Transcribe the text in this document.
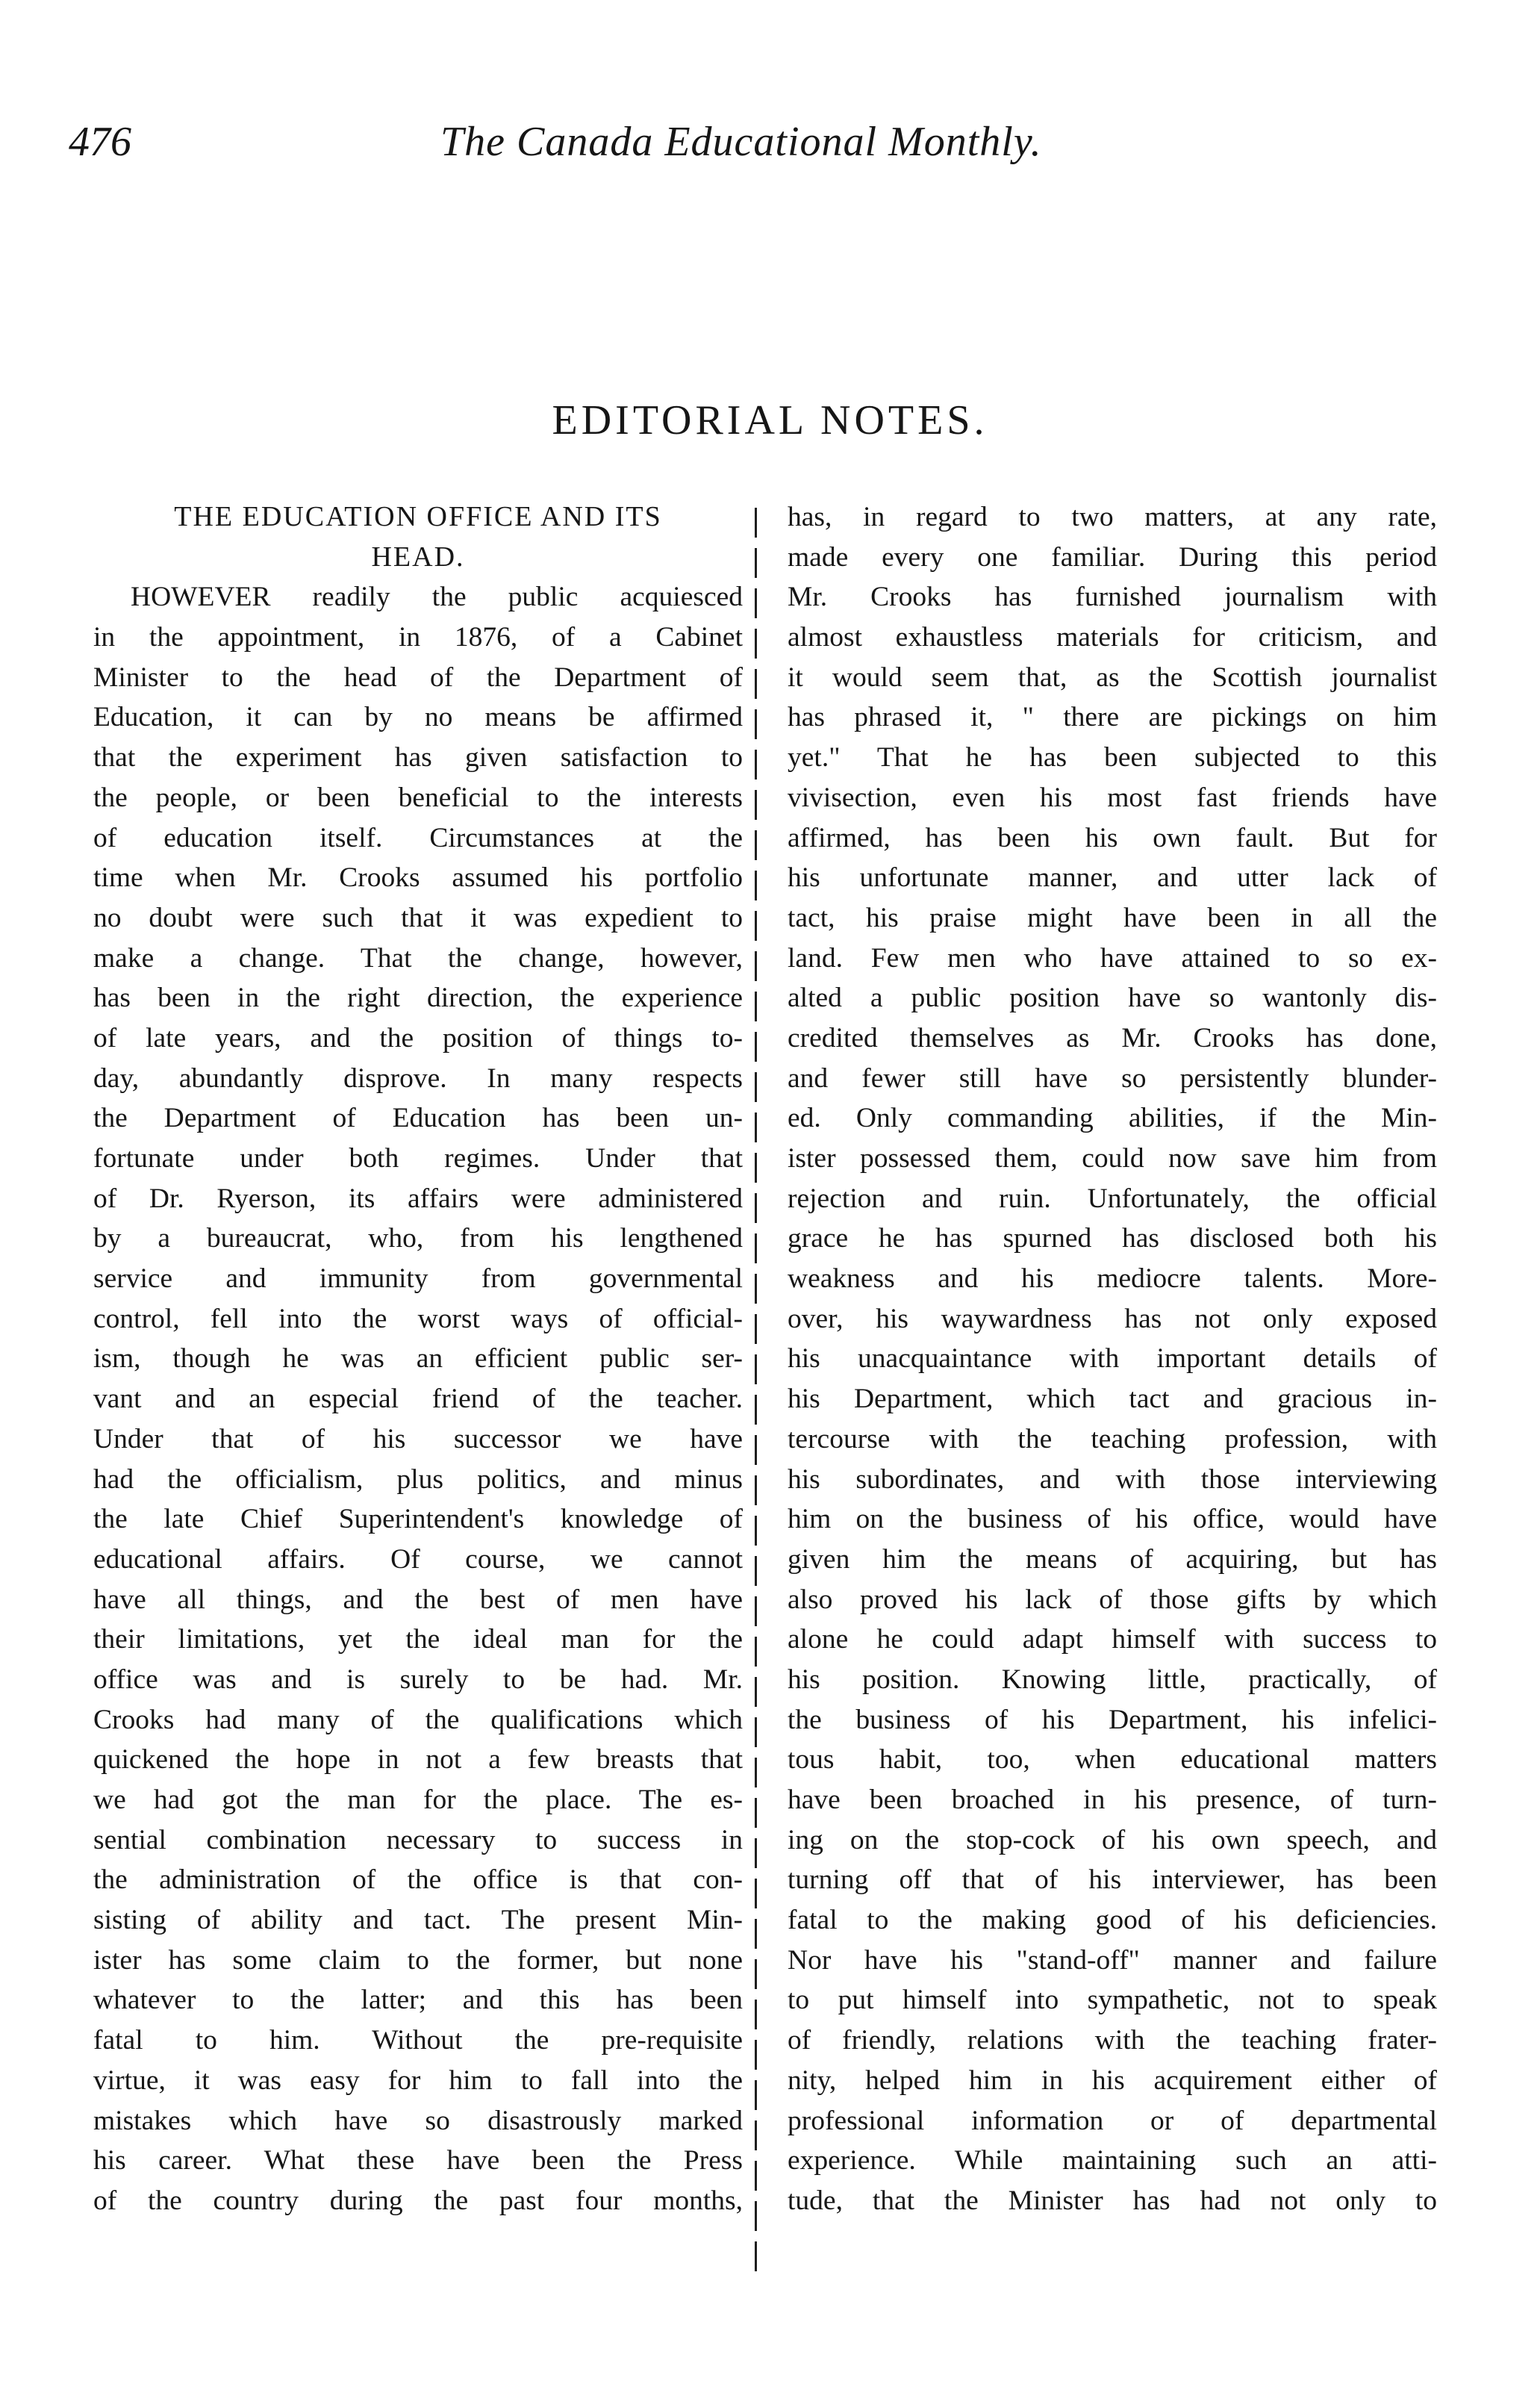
476	The Canada Educational Monthly.
EDITORIAL NOTES.
THE EDUCATION OFFICE AND ITS
HEAD.
HOWEVER readily the public acquiesced
in the appointment, in 1876, of a Cabinet
Minister to the head of the Department of
Education, it can by no means be affirmed
that the experiment has given satisfaction to
the people, or been beneficial to the interests
of education itself. Circumstances at the
time when Mr. Crooks assumed his portfolio
no doubt were such that it was expedient to
make a change. That the change, however,
has been in the right direction, the experience
of late years, and the position of things to-
day, abundantly disprove. In many respects
the Department of Education has been un-
fortunate under both regimes. Under that
of Dr. Ryerson, its affairs were administered
by a bureaucrat, who, from his lengthened
service and immunity from governmental
control, fell into the worst ways of official-
ism, though he was an efficient public ser-
vant and an especial friend of the teacher.
Under that of his successor we have
had the officialism, plus politics, and minus
the late Chief Superintendent's knowledge of
educational affairs. Of course, we cannot
have all things, and the best of men have
their limitations, yet the ideal man for the
office was and is surely to be had. Mr.
Crooks had many of the qualifications which
quickened the hope in not a few breasts that
we had got the man for the place. The es-
sential combination necessary to success in
the administration of the office is that con-
sisting of ability and tact. The present Min-
ister has some claim to the former, but none
whatever to the latter; and this has been
fatal to him. Without the pre-requisite
virtue, it was easy for him to fall into the
mistakes which have so disastrously marked
his career. What these have been the Press
of the country during the past four months,
has, in regard to two matters, at any rate,
made every one familiar. During this period
Mr. Crooks has furnished journalism with
almost exhaustless materials for criticism, and
it would seem that, as the Scottish journalist
has phrased it, " there are pickings on him
yet." That he has been subjected to this
vivisection, even his most fast friends have
affirmed, has been his own fault. But for
his unfortunate manner, and utter lack of
tact, his praise might have been in all the
land. Few men who have attained to so ex-
alted a public position have so wantonly dis-
credited themselves as Mr. Crooks has done,
and fewer still have so persistently blunder-
ed. Only commanding abilities, if the Min-
ister possessed them, could now save him from
rejection and ruin. Unfortunately, the official
grace he has spurned has disclosed both his
weakness and his mediocre talents. More-
over, his waywardness has not only exposed
his unacquaintance with important details of
his Department, which tact and gracious in-
tercourse with the teaching profession, with
his subordinates, and with those interviewing
him on the business of his office, would have
given him the means of acquiring, but has
also proved his lack of those gifts by which
alone he could adapt himself with success to
his position. Knowing little, practically, of
the business of his Department, his infelici-
tous habit, too, when educational matters
have been broached in his presence, of turn-
ing on the stop-cock of his own speech, and
turning off that of his interviewer, has been
fatal to the making good of his deficiencies.
Nor have his "stand-off" manner and failure
to put himself into sympathetic, not to speak
of friendly, relations with the teaching frater-
nity, helped him in his acquirement either of
professional information or of departmental
experience. While maintaining such an atti-
tude, that the Minister has had not only to
